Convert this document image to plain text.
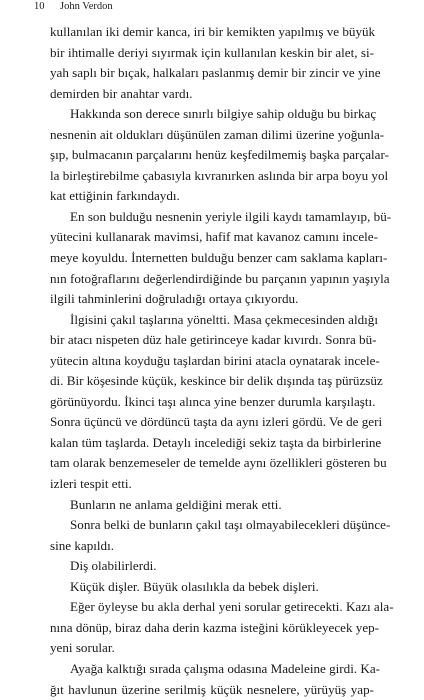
10 John Verdon
kullanılan iki demir kanca, iri bir kemikten yapılmış ve büyük
bir ihtimalle deriyi sıyırmak için kullanılan keskin bir alet, si-
yah saplı bir bıçak, halkaları paslanmış demir bir zincir ve yine
demirden bir anahtar vardı.
Hakkında son derece sınırlı bilgiye sahip olduğu bu birkaç
nesnenin ait oldukları düşünülen zaman dilimi üzerine yoğunla-
şıp, bulmacanın parçalarını henüz keşfedilmemiş başka parçalar-
la birleştirebilme çabasıyla kıvranırken aslında bir arpa boyu yol
kat ettiğinin farkındaydı.
En son bulduğu nesnenin yeriyle ilgili kaydı tamamlayıp, bü-
yütecini kullanarak mavimsi, hafif mat kavanoz camını incele-
meye koyuldu. İnternetten bulduğu benzer cam saklama kapları-
nın fotoğraflarını değerlendirdiğinde bu parçanın yapının yaşıyla
ilgili tahminlerini doğruladığı ortaya çıkıyordu.
İlgisini çakıl taşlarına yöneltti. Masa çekmecesinden aldığı
bir atacı nispeten düz hale getirinceye kadar kıvırdı. Sonra bü-
yütecin altına koyduğu taşlardan birini atacla oynatarak incele-
di. Bir köşesinde küçük, keskince bir delik dışında taş pürüzsüz
görünüyordu. İkinci taşı alınca yine benzer durumla karşılaştı.
Sonra üçüncü ve dördüncü taşta da aynı izleri gördü. Ve de geri
kalan tüm taşlarda. Detaylı incelediği sekiz taşta da birbirlerine
tam olarak benzemeseler de temelde aynı özellikleri gösteren bu
izleri tespit etti.
Bunların ne anlama geldiğini merak etti.
Sonra belki de bunların çakıl taşı olmayabilecekleri düşünce-
sine kapıldı.
Diş olabilirlerdi.
Küçük dişler. Büyük olasılıkla da bebek dişleri.
Eğer öyleyse bu akla derhal yeni sorular getirecekti. Kazı ala-
nına dönüp, biraz daha derin kazma isteğini körükleyecek yep-
yeni sorular.
Ayağa kalktığı sırada çalışma odasına Madeleine girdi. Ka-
ğıt havlunun üzerine serilmiş küçük nesnelere, yürüyüş yap-
